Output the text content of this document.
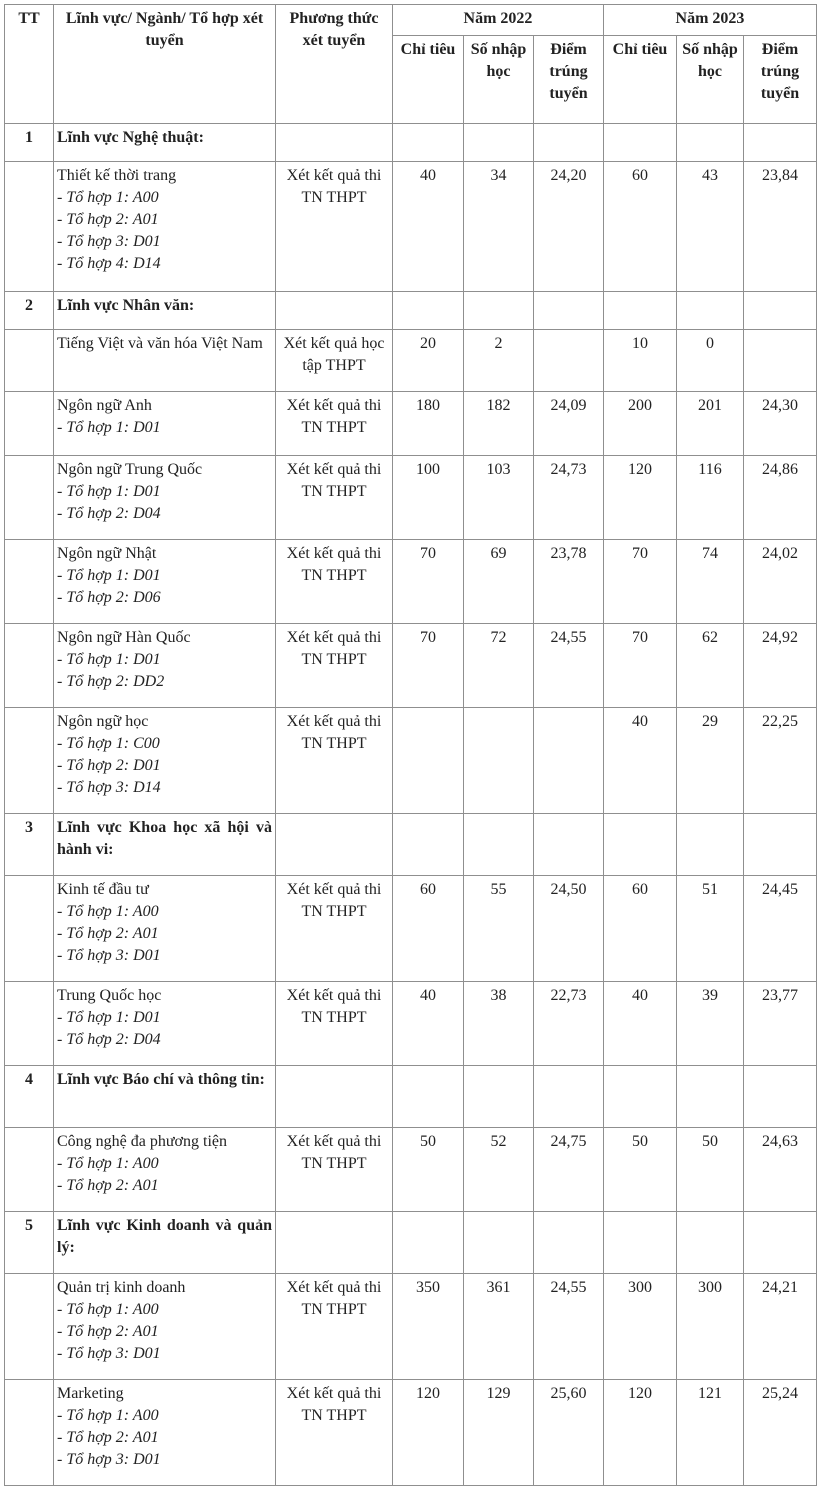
TT	Lĩnh vực/ Ngành/ Tổ hợp xét tuyển	Phương thức xét tuyển	Năm 2022			Năm 2023		
			Chỉ tiêu	Số nhập học	Điểm trúng tuyển	Chỉ tiêu	Số nhập học	Điểm trúng tuyển
1	Lĩnh vực Nghệ thuật:							

	Thiết kế thời trang
- Tổ hợp 1: A00
- Tổ hợp 2: A01
- Tổ hợp 3: D01
- Tổ hợp 4: D14	Xét kết quả thi TN THPT	40	34	24,20	60	43	23,84
2	Lĩnh vực Nhân văn:							

	Tiếng Việt và văn hóa Việt Nam	Xét kết quả học tập THPT	20	2		10	0	

	Ngôn ngữ Anh
- Tổ hợp 1: D01	Xét kết quả thi TN THPT	180	182	24,09	200	201	24,30

	Ngôn ngữ Trung Quốc
- Tổ hợp 1: D01
- Tổ hợp 2: D04	Xét kết quả thi TN THPT	100	103	24,73	120	116	24,86

	Ngôn ngữ Nhật
- Tổ hợp 1: D01
- Tổ hợp 2: D06	Xét kết quả thi TN THPT	70	69	23,78	70	74	24,02

	Ngôn ngữ Hàn Quốc
- Tổ hợp 1: D01
- Tổ hợp 2: DD2	Xét kết quả thi TN THPT	70	72	24,55	70	62	24,92

	Ngôn ngữ học
- Tổ hợp 1: C00
- Tổ hợp 2: D01
- Tổ hợp 3: D14	Xét kết quả thi TN THPT				40	29	22,25
3	Lĩnh vực Khoa học xã hội và hành vi:							

	Kinh tế đầu tư
- Tổ hợp 1: A00
- Tổ hợp 2: A01
- Tổ hợp 3: D01	Xét kết quả thi TN THPT	60	55	24,50	60	51	24,45

	Trung Quốc học
- Tổ hợp 1: D01
- Tổ hợp 2: D04	Xét kết quả thi TN THPT	40	38	22,73	40	39	23,77
4	Lĩnh vực Báo chí và thông tin:							

	Công nghệ đa phương tiện
- Tổ hợp 1: A00
- Tổ hợp 2: A01	Xét kết quả thi TN THPT	50	52	24,75	50	50	24,63
5	Lĩnh vực Kinh doanh và quản lý:							

	Quản trị kinh doanh
- Tổ hợp 1: A00
- Tổ hợp 2: A01
- Tổ hợp 3: D01	Xét kết quả thi TN THPT	350	361	24,55	300	300	24,21

	Marketing
- Tổ hợp 1: A00
- Tổ hợp 2: A01
- Tổ hợp 3: D01	Xét kết quả thi TN THPT	120	129	25,60	120	121	25,24
